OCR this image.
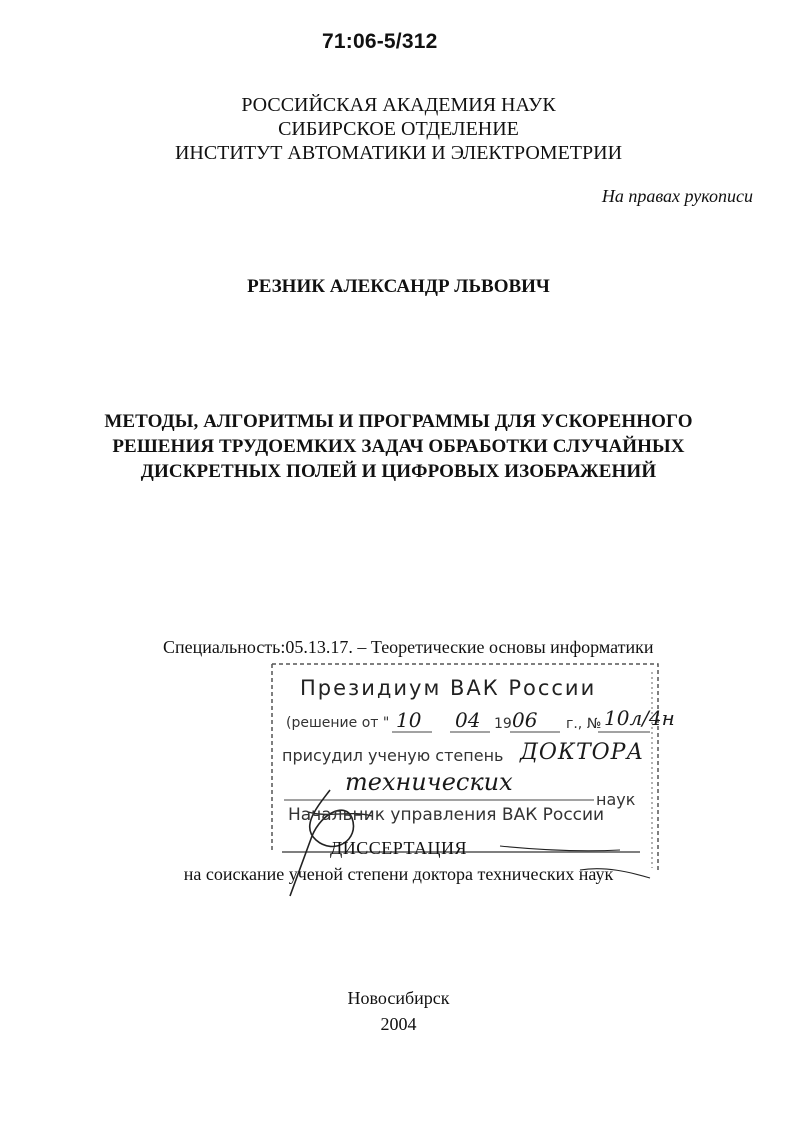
71:06-5/312
РОССИЙСКАЯ АКАДЕМИЯ НАУК
СИБИРСКОЕ ОТДЕЛЕНИЕ
ИНСТИТУТ АВТОМАТИКИ И ЭЛЕКТРОМЕТРИИ
На правах рукописи
РЕЗНИК АЛЕКСАНДР ЛЬВОВИЧ
МЕТОДЫ, АЛГОРИТМЫ И ПРОГРАММЫ ДЛЯ УСКОРЕННОГО
РЕШЕНИЯ ТРУДОЕМКИХ ЗАДАЧ ОБРАБОТКИ СЛУЧАЙНЫХ
ДИСКРЕТНЫХ ПОЛЕЙ И ЦИФРОВЫХ ИЗОБРАЖЕНИЙ
Специальность:05.13.17. – Теоретические основы информатики
Президиум ВАК России
(решение от " 10 04 19 06 г., № 10л/4н
присудил ученую степень ДОКТОРА
технических
наук
Начальник управления ВАК России
ДИССЕРТАЦИЯ
на соискание ученой степени доктора технических наук
Новосибирск
2004
